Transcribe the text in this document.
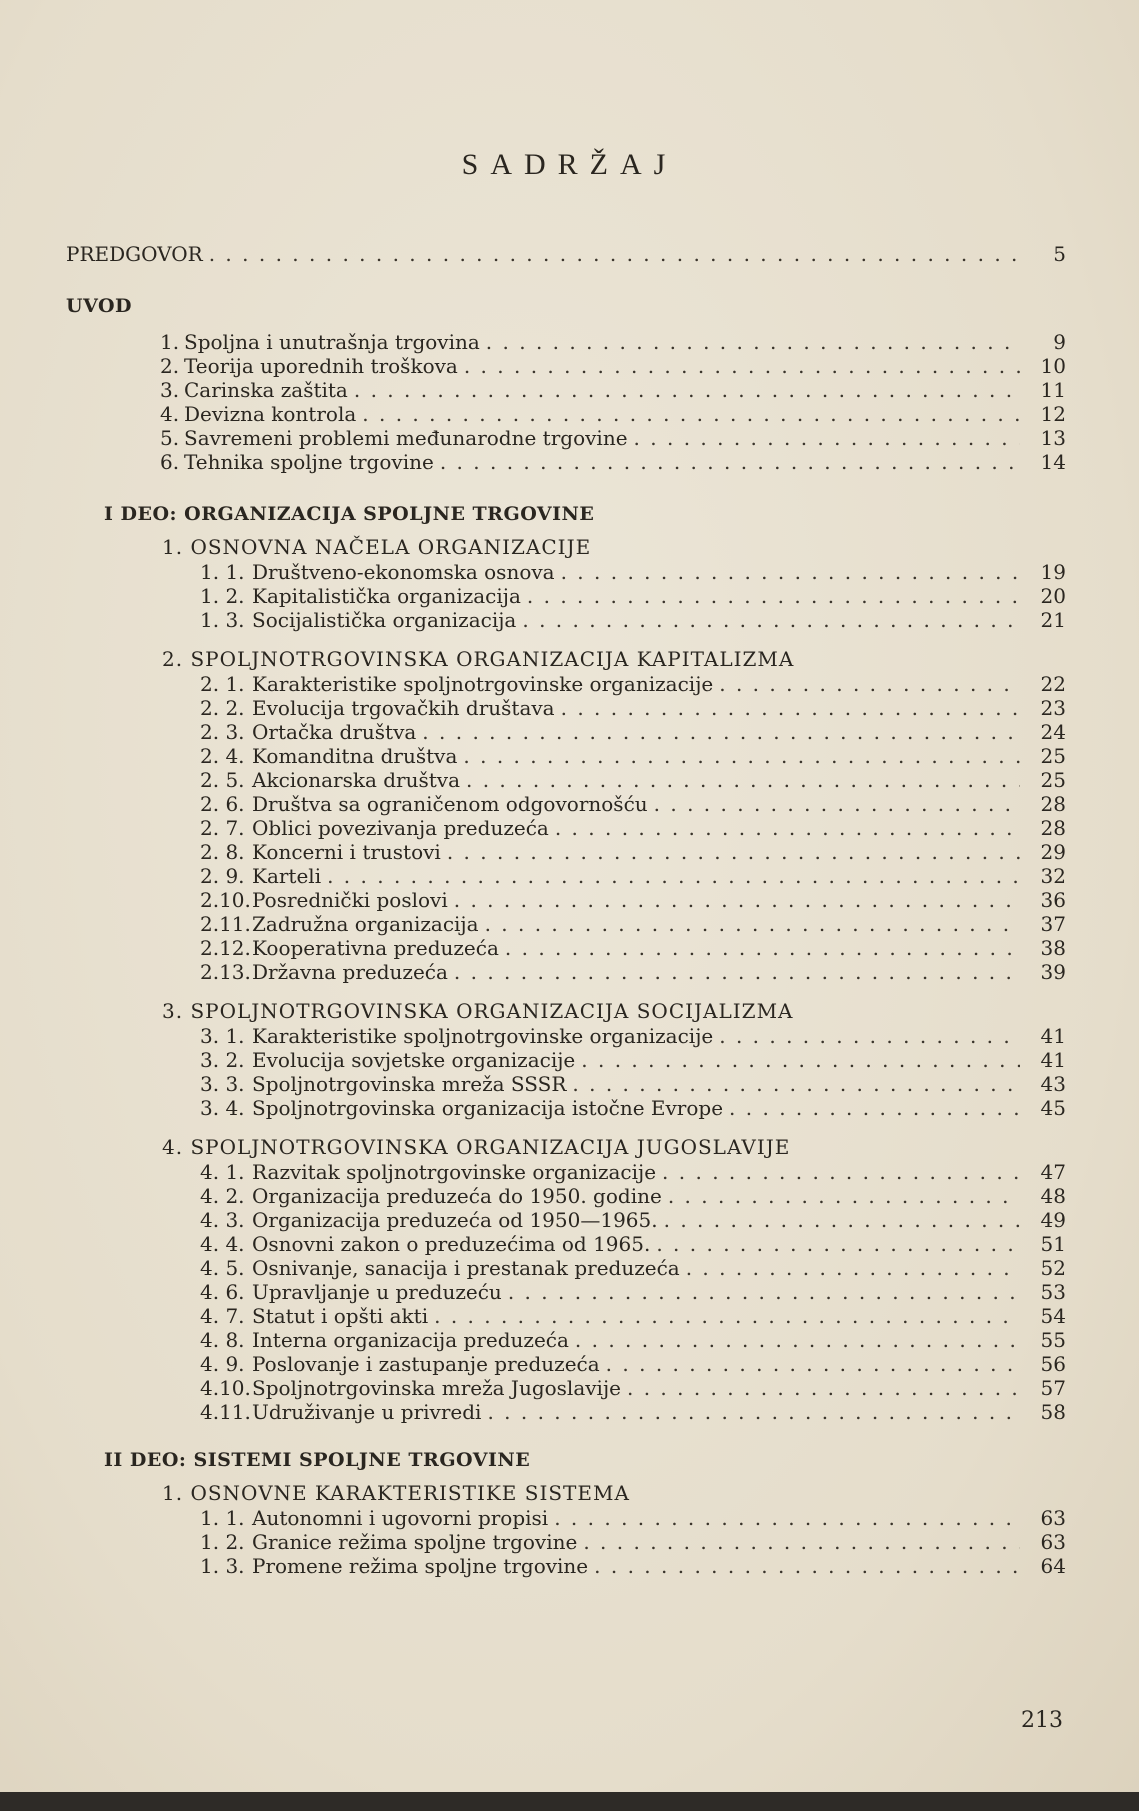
SADRŽAJ
PREDGOVOR . . .	5
UVOD
1. Spoljna i unutrašnja trgovina . . .	9
2. Teorija uporednih troškova . . .	10
3. Carinska zaštita . . .	11
4. Devizna kontrola . . .	12
5. Savremeni problemi međunarodne trgovine . . .	13
6. Tehnika spoljne trgovine . . .	14
I DEO: ORGANIZACIJA SPOLJNE TRGOVINE
1. OSNOVNA NAČELA ORGANIZACIJE
1. 1. Društveno-ekonomska osnova . . .	19
1. 2. Kapitalistička organizacija . . .	20
1. 3. Socijalistička organizacija . . .	21
2. SPOLJNOTRGOVINSKA ORGANIZACIJA KAPITALIZMA
2. 1. Karakteristike spoljnotrgovinske organizacije . . .	22
2. 2. Evolucija trgovačkih društava . . .	23
2. 3. Ortačka društva . . .	24
2. 4. Komanditna društva . . .	25
2. 5. Akcionarska društva . . .	25
2. 6. Društva sa ograničenom odgovornošću . . .	28
2. 7. Oblici povezivanja preduzeća . . .	28
2. 8. Koncerni i trustovi . . .	29
2. 9. Karteli . . .	32
2.10. Posrednički poslovi . . .	36
2.11. Zadružna organizacija . . .	37
2.12. Kooperativna preduzeća . . .	38
2.13. Državna preduzeća . . .	39
3. SPOLJNOTRGOVINSKA ORGANIZACIJA SOCIJALIZMA
3. 1. Karakteristike spoljnotrgovinske organizacije . . .	41
3. 2. Evolucija sovjetske organizacije . . .	41
3. 3. Spoljnotrgovinska mreža SSSR . . .	43
3. 4. Spoljnotrgovinska organizacija istočne Evrope . . .	45
4. SPOLJNOTRGOVINSKA ORGANIZACIJA JUGOSLAVIJE
4. 1. Razvitak spoljnotrgovinske organizacije . . .	47
4. 2. Organizacija preduzeća do 1950. godine . . .	48
4. 3. Organizacija preduzeća od 1950—1965. . . .	49
4. 4. Osnovni zakon o preduzećima od 1965. . . .	51
4. 5. Osnivanje, sanacija i prestanak preduzeća . . .	52
4. 6. Upravljanje u preduzeću . . .	53
4. 7. Statut i opšti akti . . .	54
4. 8. Interna organizacija preduzeća . . .	55
4. 9. Poslovanje i zastupanje preduzeća . . .	56
4.10. Spoljnotrgovinska mreža Jugoslavije . . .	57
4.11. Udruživanje u privredi . . .	58
II DEO: SISTEMI SPOLJNE TRGOVINE
1. OSNOVNE KARAKTERISTIKE SISTEMA
1. 1. Autonomni i ugovorni propisi . . .	63
1. 2. Granice režima spoljne trgovine . . .	63
1. 3. Promene režima spoljne trgovine . . .	64
213
